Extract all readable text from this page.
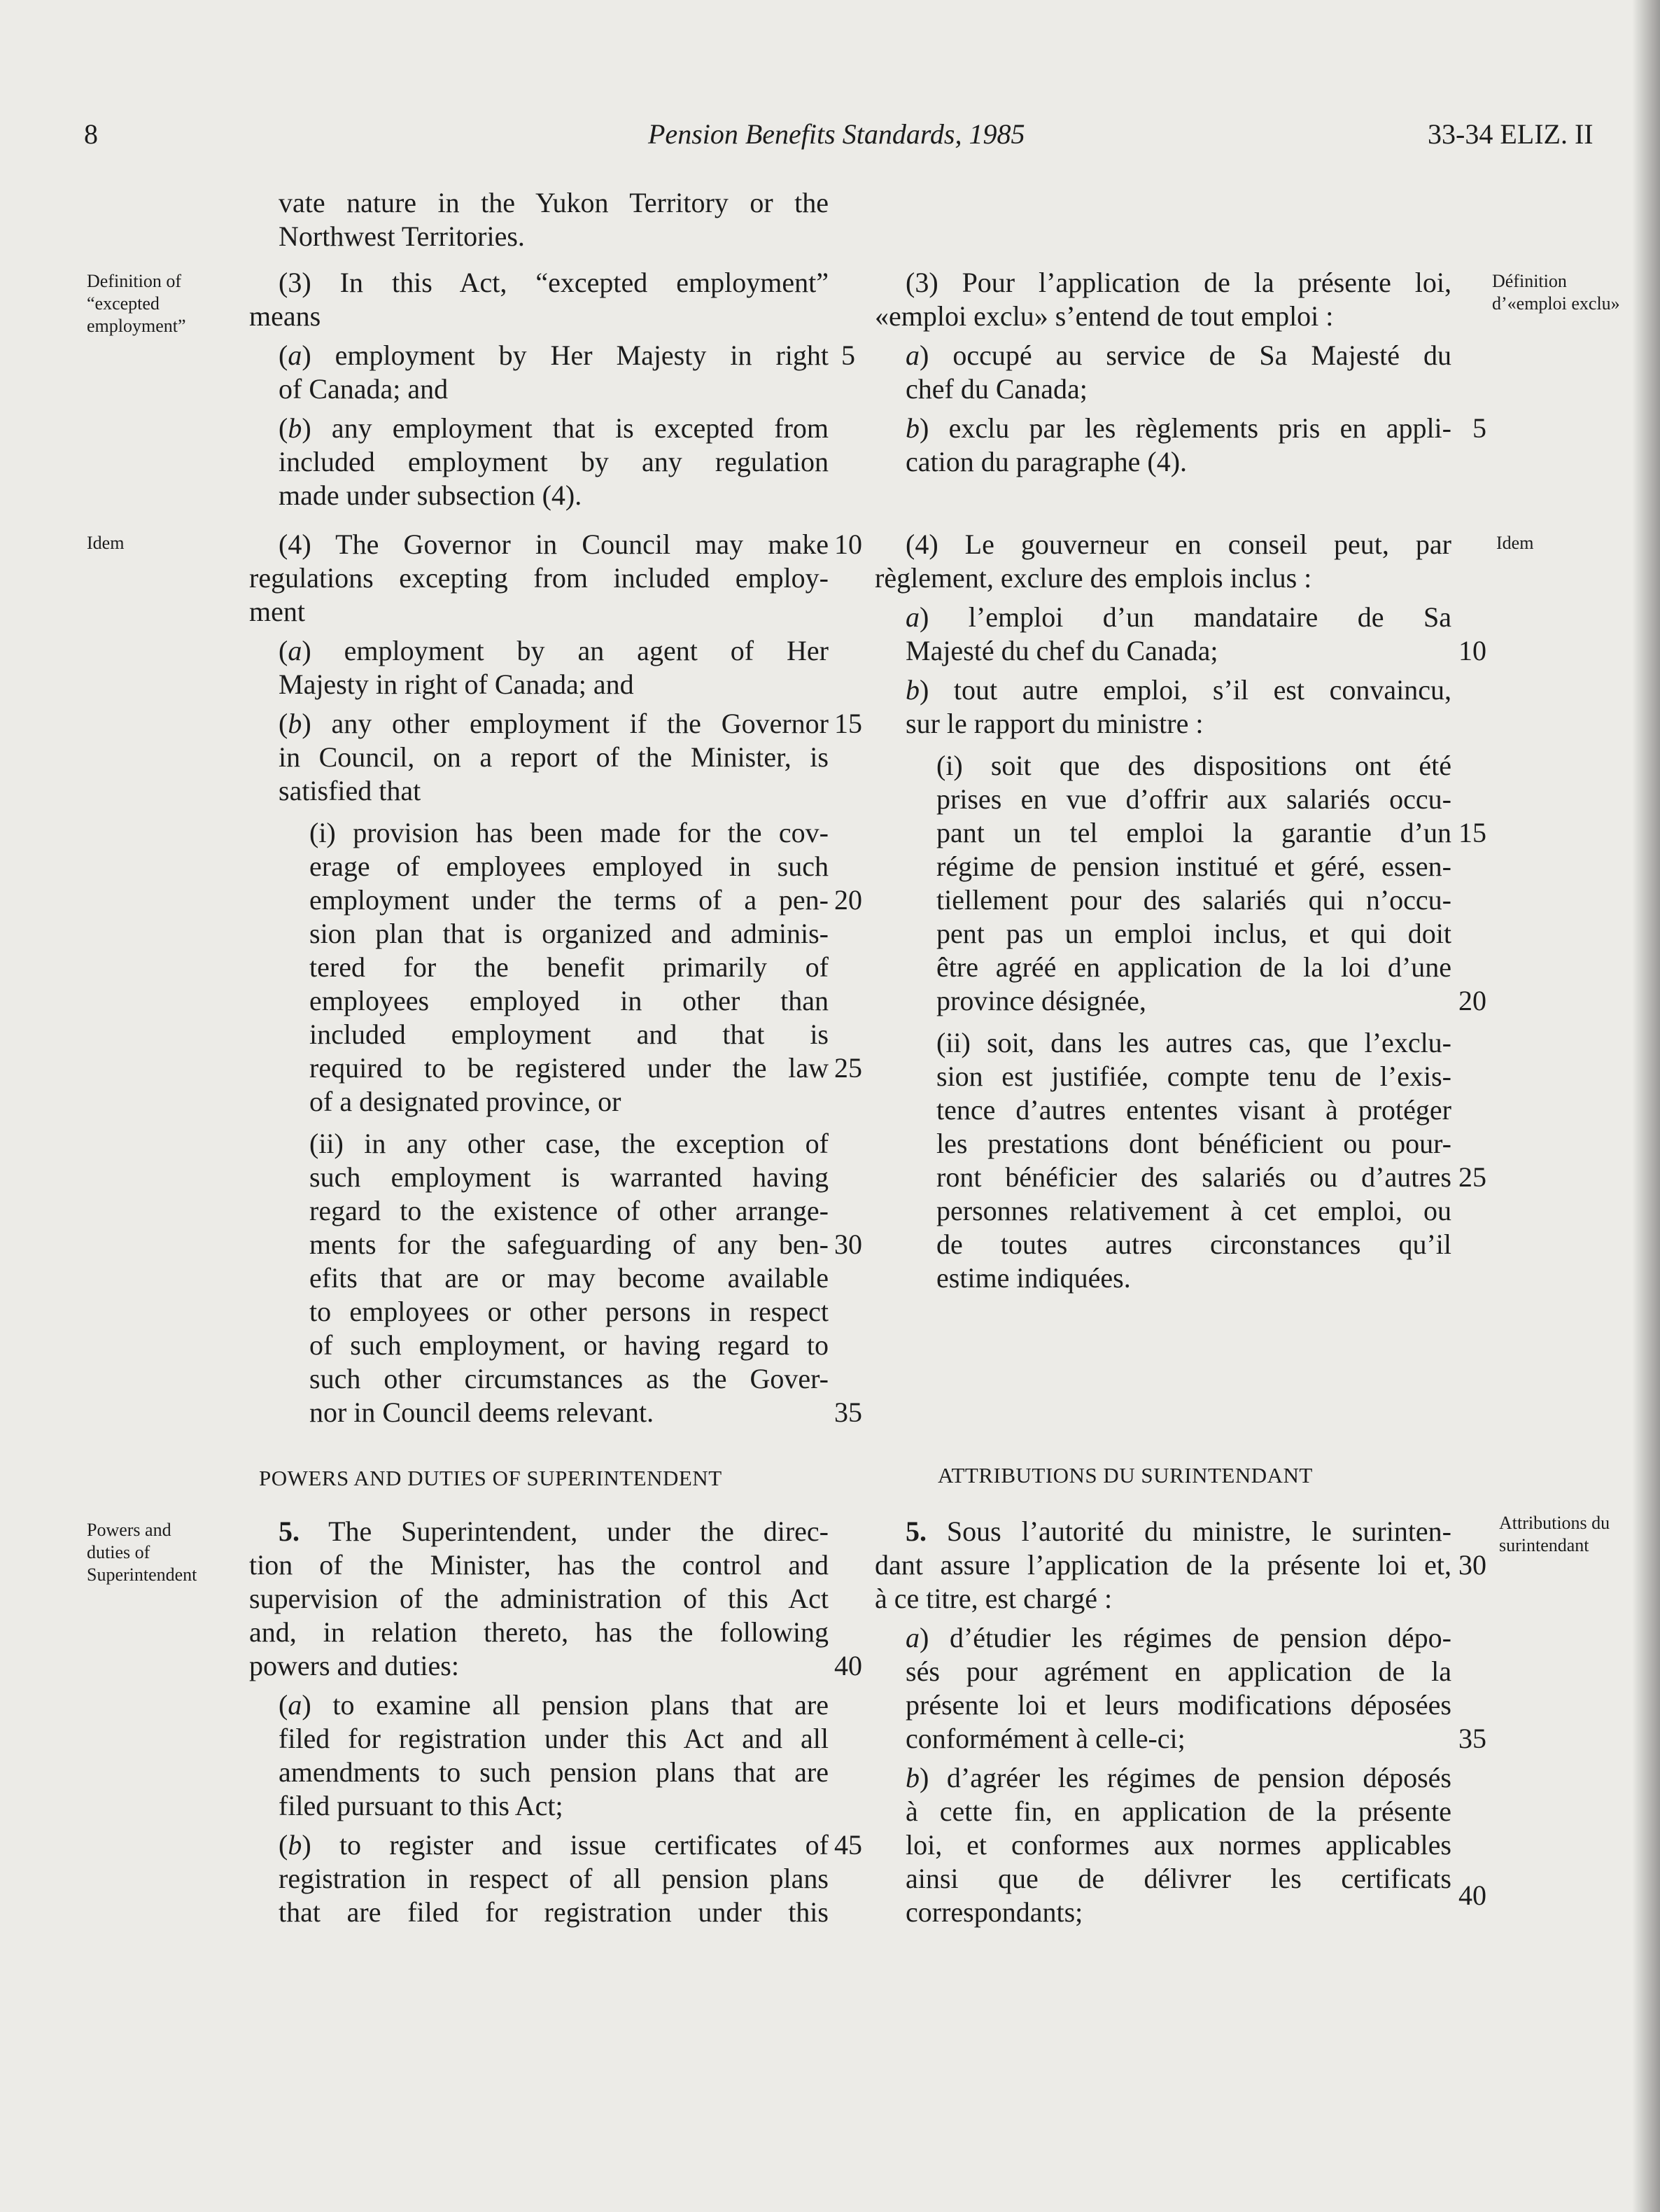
8	Pension Benefits Standards, 1985	33-34 ELIZ. II
Definition of
“excepted
employment”
Idem
Powers and
duties of
Superintendent
Définition
d’«emploi exclu»
Idem
Attributions du
surintendant
POWERS AND DUTIES OF SUPERINTENDENT	ATTRIBUTIONS DU SURINTENDANT
vate nature in the Yukon Territory or the
Northwest Territories.
(3) In this Act, “excepted employment”
means
(a) employment by Her Majesty in right
of Canada; and
(b) any employment that is excepted from
included employment by any regulation
made under subsection (4).
(4) The Governor in Council may make
regulations excepting from included employ-
ment
(a) employment by an agent of Her
Majesty in right of Canada; and
(b) any other employment if the Governor
in Council, on a report of the Minister, is
satisfied that
(i) provision has been made for the cov-
erage of employees employed in such
employment under the terms of a pen-
sion plan that is organized and adminis-
tered for the benefit primarily of
employees employed in other than
included employment and that is
required to be registered under the law
of a designated province, or
(ii) in any other case, the exception of
such employment is warranted having
regard to the existence of other arrange-
ments for the safeguarding of any ben-
efits that are or may become available
to employees or other persons in respect
of such employment, or having regard to
such other circumstances as the Gover-
nor in Council deems relevant.
5. The Superintendent, under the direc-
tion of the Minister, has the control and
supervision of the administration of this Act
and, in relation thereto, has the following
powers and duties:
(a) to examine all pension plans that are
filed for registration under this Act and all
amendments to such pension plans that are
filed pursuant to this Act;
(b) to register and issue certificates of
registration in respect of all pension plans
that are filed for registration under this
5
10
15
20
25
30
35
40
45
(3) Pour l’application de la présente loi,
«emploi exclu» s’entend de tout emploi :
a) occupé au service de Sa Majesté du
chef du Canada;
b) exclu par les règlements pris en appli-
cation du paragraphe (4).
(4) Le gouverneur en conseil peut, par
règlement, exclure des emplois inclus :
a) l’emploi d’un mandataire de Sa
Majesté du chef du Canada;
b) tout autre emploi, s’il est convaincu,
sur le rapport du ministre :
(i) soit que des dispositions ont été
prises en vue d’offrir aux salariés occu-
pant un tel emploi la garantie d’un
régime de pension institué et géré, essen-
tiellement pour des salariés qui n’occu-
pent pas un emploi inclus, et qui doit
être agréé en application de la loi d’une
province désignée,
(ii) soit, dans les autres cas, que l’exclu-
sion est justifiée, compte tenu de l’exis-
tence d’autres ententes visant à protéger
les prestations dont bénéficient ou pour-
ront bénéficier des salariés ou d’autres
personnes relativement à cet emploi, ou
de toutes autres circonstances qu’il
estime indiquées.
5. Sous l’autorité du ministre, le surinten-
dant assure l’application de la présente loi et,
à ce titre, est chargé :
a) d’étudier les régimes de pension dépo-
sés pour agrément en application de la
présente loi et leurs modifications déposées
conformément à celle-ci;
b) d’agréer les régimes de pension déposés
à cette fin, en application de la présente
loi, et conformes aux normes applicables
ainsi que de délivrer les certificats
correspondants;
5
10
15
20
25
30
35
40
